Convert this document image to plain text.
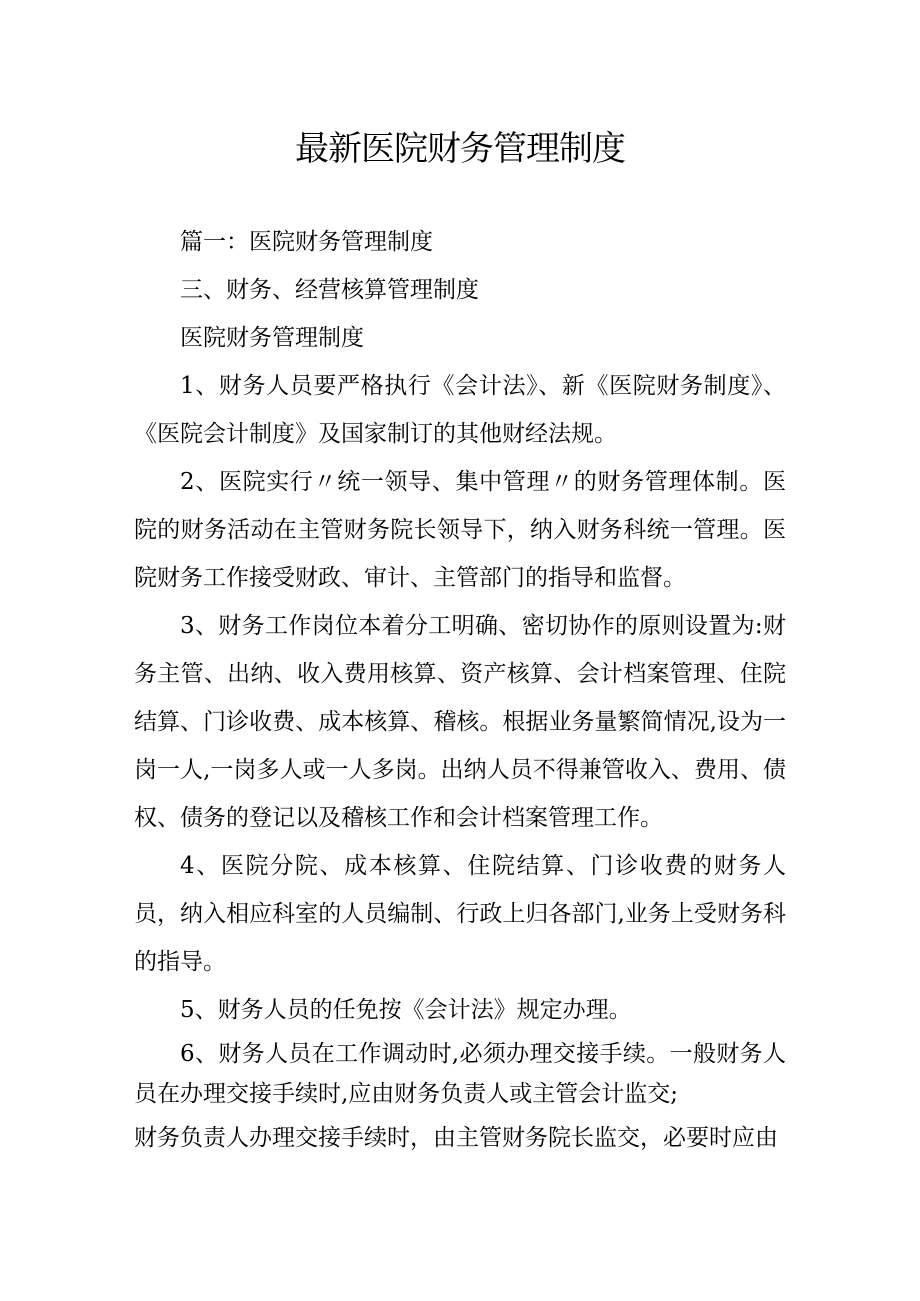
最新医院财务管理制度

篇一：医院财务管理制度

三、财务、经营核算管理制度

医院财务管理制度

1、财务人员要严格执行《会计法》、新《医院财务制度》、《医院会计制度》及国家制订的其他财经法规。

2、医院实行〃统一领导、集中管理〃的财务管理体制。医院的财务活动在主管财务院长领导下，纳入财务科统一管理。医院财务工作接受财政、审计、主管部门的指导和监督。

3、财务工作岗位本着分工明确、密切协作的原则设置为:财务主管、出纳、收入费用核算、资产核算、会计档案管理、住院结算、门诊收费、成本核算、稽核。根据业务量繁简情况,设为一岗一人,一岗多人或一人多岗。出纳人员不得兼管收入、费用、债权、债务的登记以及稽核工作和会计档案管理工作。

4、医院分院、成本核算、住院结算、门诊收费的财务人员，纳入相应科室的人员编制、行政上归各部门,业务上受财务科的指导。

5、财务人员的任免按《会计法》规定办理。

6、财务人员在工作调动时,必须办理交接手续。一般财务人员在办理交接手续时,应由财务负责人或主管会计监交;

财务负责人办理交接手续时，由主管财务院长监交，必要时应由
